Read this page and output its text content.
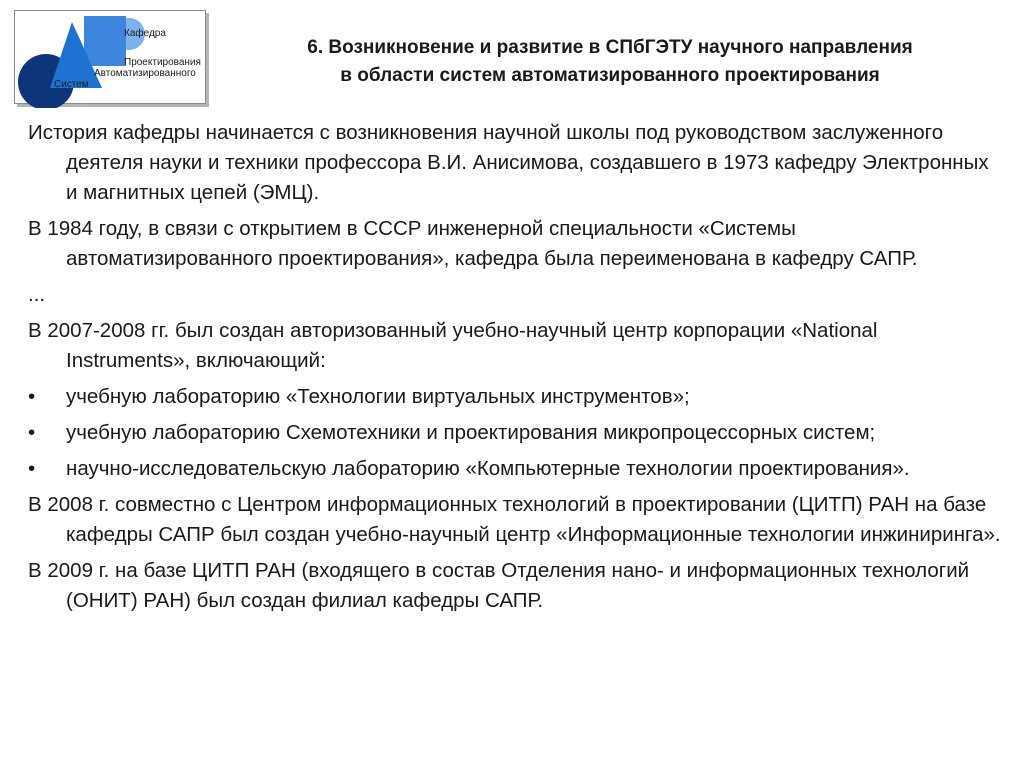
Кафедра
Проектирования
Автоматизированного
Систем
6. Возникновение и развитие в СПбГЭТУ научного направления
в области систем автоматизированного проектирования
История кафедры начинается с возникновения научной школы под руководством заслуженного деятеля науки и техники профессора В.И. Анисимова, создавшего в 1973 кафедру Электронных и магнитных цепей (ЭМЦ).
В 1984 году, в связи с открытием в СССР инженерной специальности «Системы автоматизированного проектирования», кафедра была переименована в кафедру САПР.
...
В 2007-2008 гг. был создан авторизованный учебно-научный центр корпорации «National Instruments», включающий:
•	учебную лабораторию «Технологии виртуальных инструментов»;
•	учебную лабораторию Схемотехники и проектирования микропроцессорных систем;
•	научно-исследовательскую лабораторию «Компьютерные технологии проектирования».
В 2008 г. совместно с Центром информационных технологий в проектировании (ЦИТП) РАН на базе кафедры САПР был создан учебно-научный центр «Информационные технологии инжиниринга».
В 2009 г. на базе ЦИТП РАН (входящего в состав Отделения нано- и информационных технологий (ОНИТ) РАН) был создан филиал кафедры САПР.
